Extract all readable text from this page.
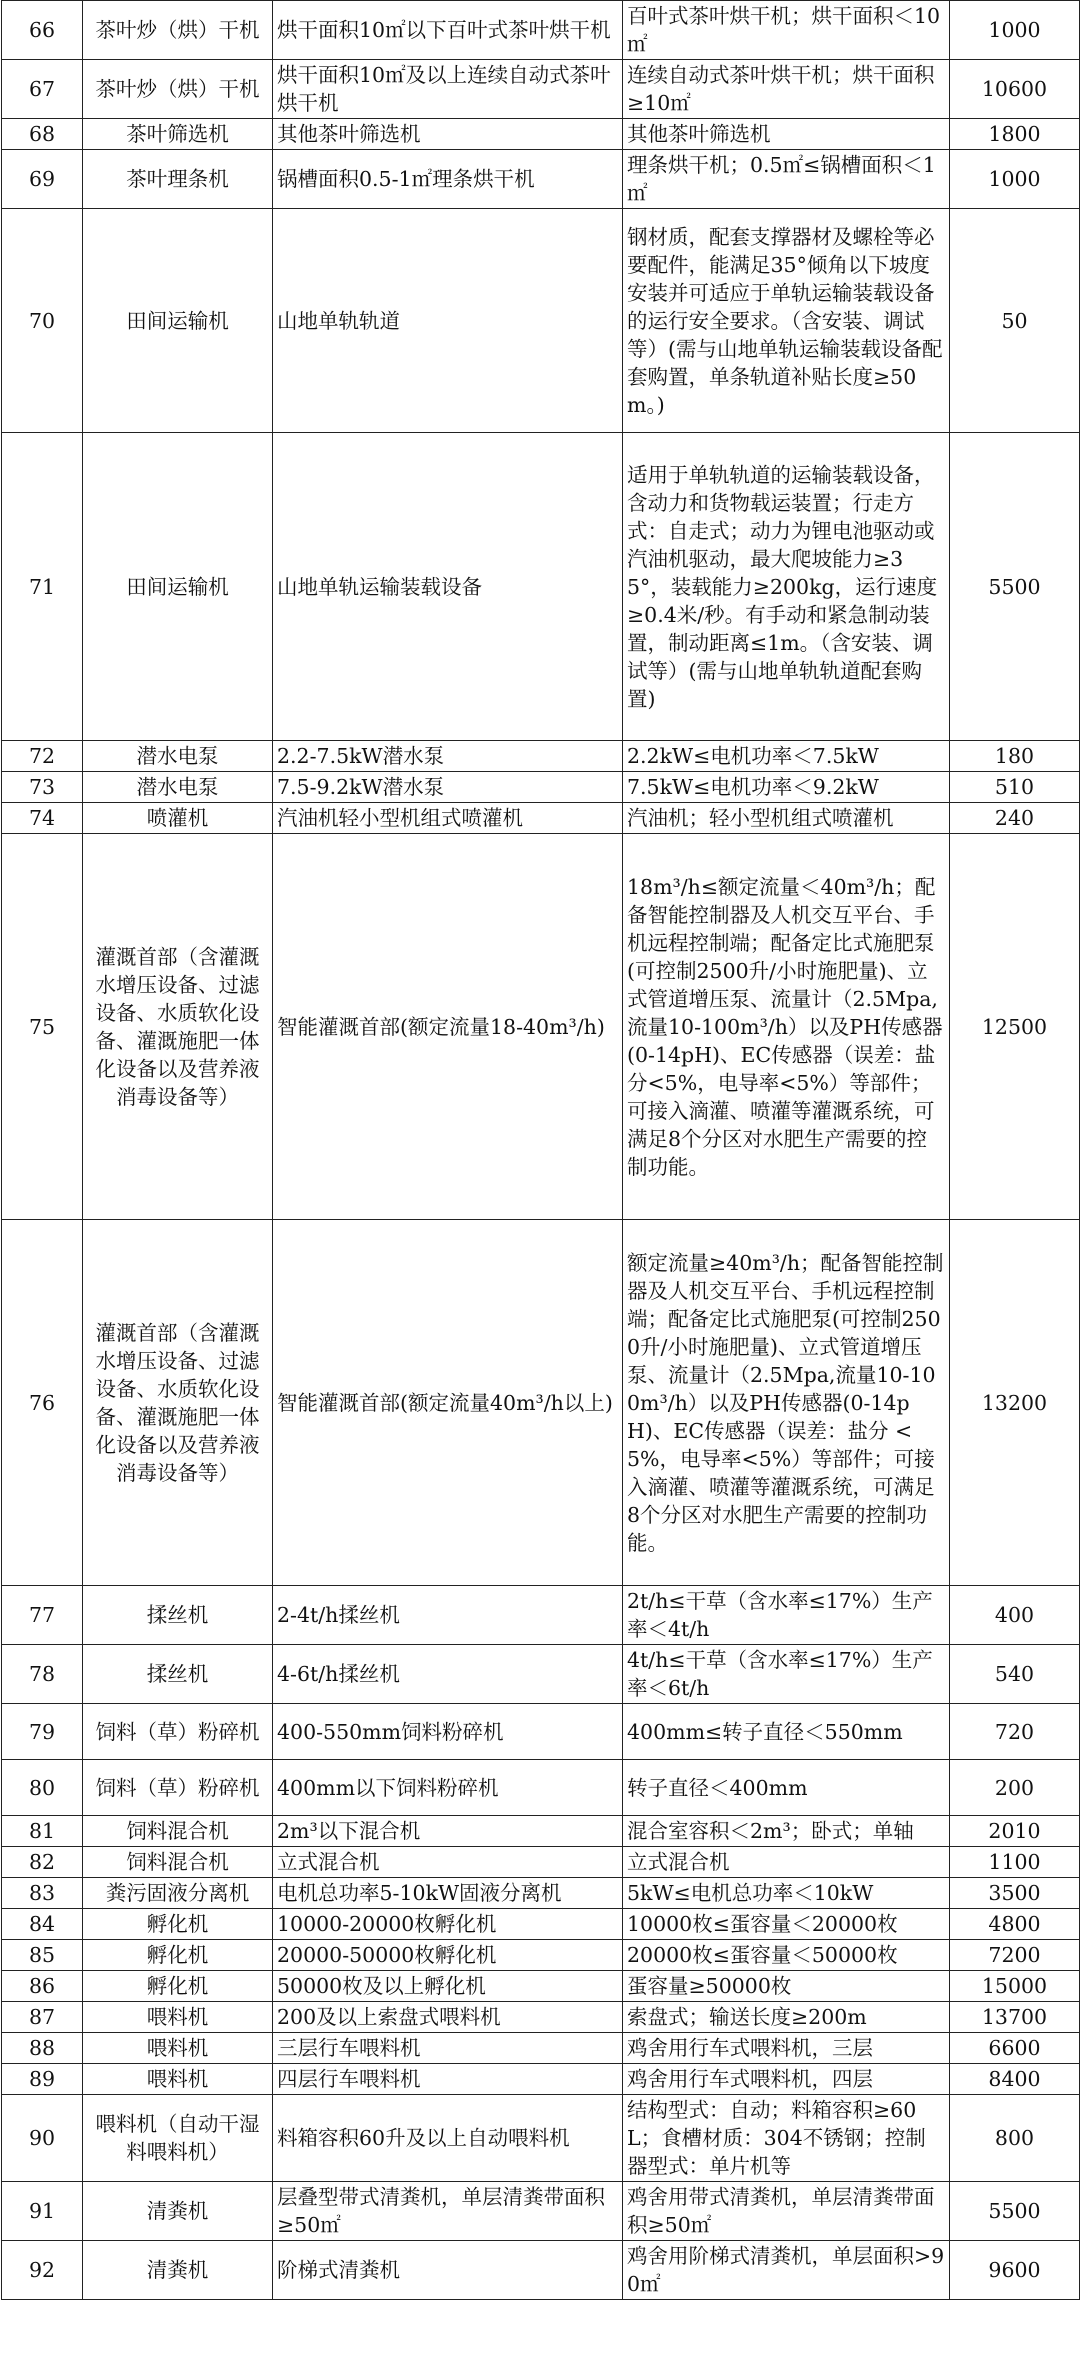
66	茶叶炒（烘）干机	烘干面积10㎡以下百叶式茶叶烘干机	百叶式茶叶烘干机；烘干面积＜10㎡	1000
67	茶叶炒（烘）干机	烘干面积10㎡及以上连续自动式茶叶烘干机	连续自动式茶叶烘干机；烘干面积≥10㎡	10600
68	茶叶筛选机	其他茶叶筛选机	其他茶叶筛选机	1800
69	茶叶理条机	锅槽面积0.5-1㎡理条烘干机	理条烘干机；0.5㎡≤锅槽面积＜1㎡	1000
70	田间运输机	山地单轨轨道	钢材质，配套支撑器材及螺栓等必要配件，能满足35°倾角以下坡度安装并可适应于单轨运输装载设备的运行安全要求。（含安装、调试等）(需与山地单轨运输装载设备配套购置，单条轨道补贴长度≥50m。)	50
71	田间运输机	山地单轨运输装载设备	适用于单轨轨道的运输装载设备，含动力和货物载运装置；行走方式：自走式；动力为锂电池驱动或汽油机驱动，最大爬坡能力≥35°，装载能力≥200kg，运行速度≥0.4米/秒。有手动和紧急制动装置，制动距离≤1m。（含安装、调试等）(需与山地单轨轨道配套购置)	5500
72	潜水电泵	2.2-7.5kW潜水泵	2.2kW≤电机功率＜7.5kW	180
73	潜水电泵	7.5-9.2kW潜水泵	7.5kW≤电机功率＜9.2kW	510
74	喷灌机	汽油机轻小型机组式喷灌机	汽油机；轻小型机组式喷灌机	240
75	灌溉首部（含灌溉水增压设备、过滤设备、水质软化设备、灌溉施肥一体化设备以及营养液消毒设备等）	智能灌溉首部(额定流量18-40m³/h)	18m³/h≤额定流量＜40m³/h；配备智能控制器及人机交互平台、手机远程控制端；配备定比式施肥泵(可控制2500升/小时施肥量)、立式管道增压泵、流量计（2.5Mpa,流量10-100m³/h）以及PH传感器(0-14pH)、EC传感器（误差：盐分<5%，电导率<5%）等部件；可接入滴灌、喷灌等灌溉系统，可满足8个分区对水肥生产需要的控制功能。	12500
76	灌溉首部（含灌溉水增压设备、过滤设备、水质软化设备、灌溉施肥一体化设备以及营养液消毒设备等）	智能灌溉首部(额定流量40m³/h以上)	额定流量≥40m³/h；配备智能控制器及人机交互平台、手机远程控制端；配备定比式施肥泵(可控制2500升/小时施肥量)、立式管道增压泵、流量计（2.5Mpa,流量10-100m³/h）以及PH传感器(0-14pH)、EC传感器（误差：盐分 <5%，电导率<5%）等部件；可接入滴灌、喷灌等灌溉系统，可满足8个分区对水肥生产需要的控制功能。	13200
77	揉丝机	2-4t/h揉丝机	2t/h≤干草（含水率≤17%）生产率＜4t/h	400
78	揉丝机	4-6t/h揉丝机	4t/h≤干草（含水率≤17%）生产率＜6t/h	540
79	饲料（草）粉碎机	400-550mm饲料粉碎机	400mm≤转子直径＜550mm	720
80	饲料（草）粉碎机	400mm以下饲料粉碎机	转子直径＜400mm	200
81	饲料混合机	2m³以下混合机	混合室容积＜2m³；卧式；单轴	2010
82	饲料混合机	立式混合机	立式混合机	1100
83	粪污固液分离机	电机总功率5-10kW固液分离机	5kW≤电机总功率＜10kW	3500
84	孵化机	10000-20000枚孵化机	10000枚≤蛋容量＜20000枚	4800
85	孵化机	20000-50000枚孵化机	20000枚≤蛋容量＜50000枚	7200
86	孵化机	50000枚及以上孵化机	蛋容量≥50000枚	15000
87	喂料机	200及以上索盘式喂料机	索盘式；输送长度≥200m	13700
88	喂料机	三层行车喂料机	鸡舍用行车式喂料机，三层	6600
89	喂料机	四层行车喂料机	鸡舍用行车式喂料机，四层	8400
90	喂料机（自动干湿料喂料机）	料箱容积60升及以上自动喂料机	结构型式：自动；料箱容积≥60L；食槽材质：304不锈钢；控制器型式：单片机等	800
91	清粪机	层叠型带式清粪机，单层清粪带面积≥50㎡	鸡舍用带式清粪机，单层清粪带面积≥50㎡	5500
92	清粪机	阶梯式清粪机	鸡舍用阶梯式清粪机，单层面积>90㎡	9600
